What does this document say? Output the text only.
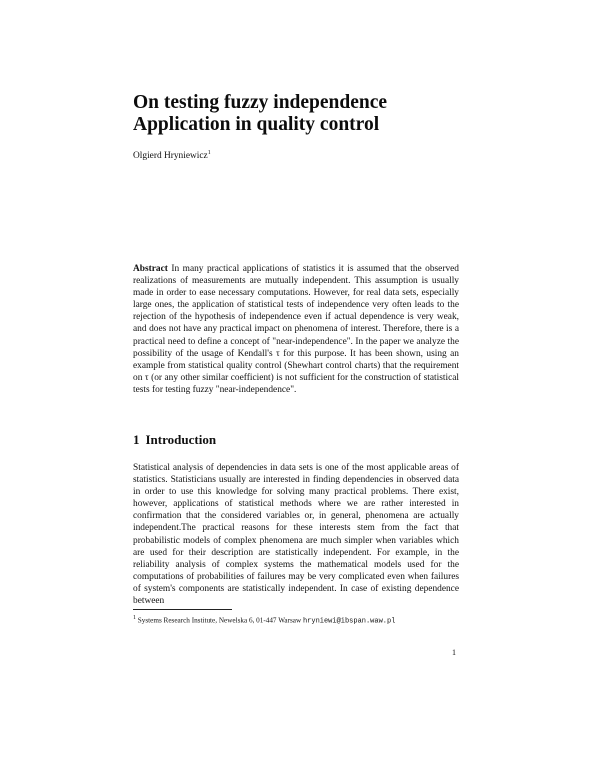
On testing fuzzy independence
Application in quality control
Olgierd Hryniewicz$^1$
Abstract In many practical applications of statistics it is assumed that the observed realizations of measurements are mutually independent. This assumption is usually made in order to ease necessary computations. However, for real data sets, especially large ones, the application of statistical tests of independence very often leads to the rejection of the hypothesis of independence even if actual dependence is very weak, and does not have any practical impact on phenomena of interest. Therefore, there is a practical need to define a concept of "near-independence". In the paper we analyze the possibility of the usage of Kendall's τ for this purpose. It has been shown, using an example from statistical quality control (Shewhart control charts) that the requirement on τ (or any other similar coefficient) is not sufficient for the construction of statistical tests for testing fuzzy "near-independence".
1 Introduction
Statistical analysis of dependencies in data sets is one of the most applicable areas of statistics. Statisticians usually are interested in finding dependencies in observed data in order to use this knowledge for solving many practical problems. There exist, however, applications of statistical methods where we are rather interested in confirmation that the considered variables or, in general, phenomena are actually independent.The practical reasons for these interests stem from the fact that probabilistic models of complex phenomena are much simpler when variables which are used for their description are statistically independent. For example, in the reliability analysis of complex systems the mathematical models used for the computations of probabilities of failures may be very complicated even when failures of system's components are statistically independent. In case of existing dependence between
$^1$ Systems Research Institute, Newelska 6, 01-447 Warsaw hryniewi@ibspan.waw.pl
1
